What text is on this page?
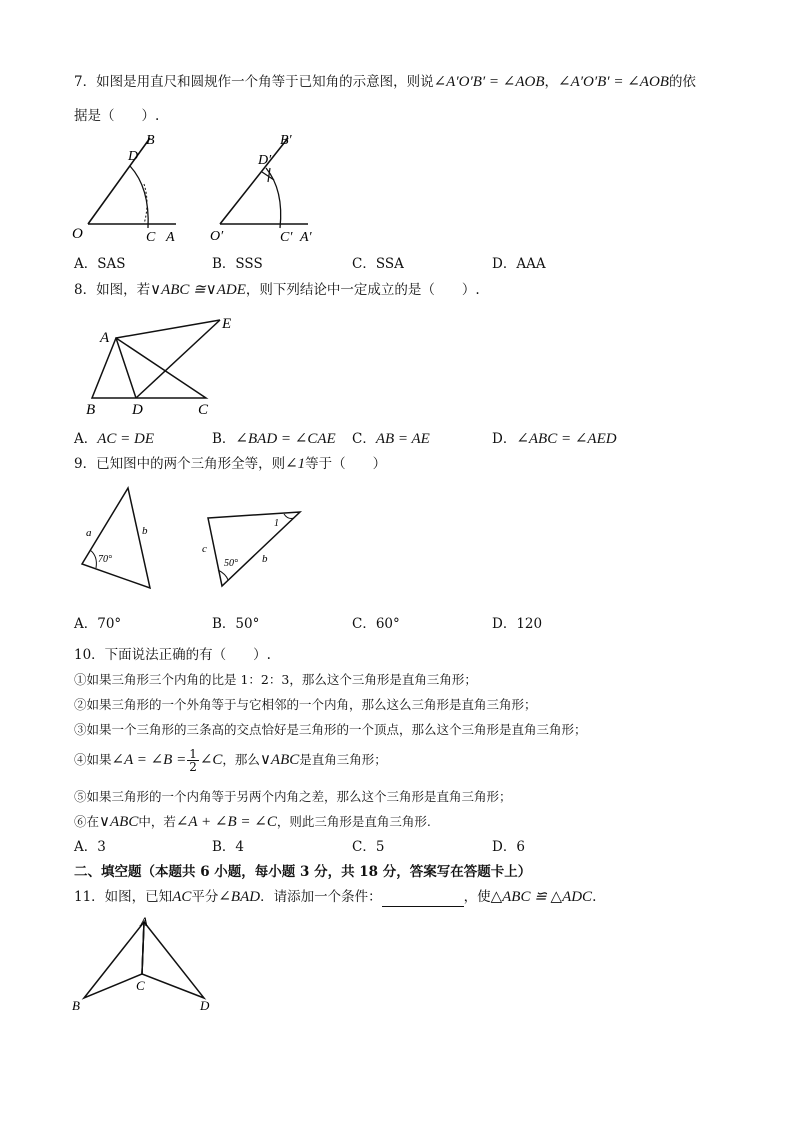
7．如图是用直尺和圆规作一个角等于已知角的示意图，则说∠A′O′B′ = ∠AOB，∠A′O′B′ = ∠AOB的依
据是（　　）.
O	C A
D
B
O′	C′ A′
D′
B′
A．SAS	B．SSS	C．SSA	D．AAA
8．如图，若∨ABC ≅∨ADE，则下列结论中一定成立的是（　　）.
A
B D	C
E
A．AC = DE	B．∠BAD = ∠CAE C．AB = AE	D．∠ABC = ∠AED
9．已知图中的两个三角形全等，则∠1等于（　　）
a	b
70°
c
b
50°
1
A．70°	B．50°	C．60°	D．120
10．下面说法正确的有（　　）.
①如果三角形三个内角的比是 1：2：3，那么这个三角形是直角三角形；
②如果三角形的一个外角等于与它相邻的一个内角，那么这么三角形是直角三角形；
③如果一个三角形的三条高的交点恰好是三角形的一个顶点，那么这个三角形是直角三角形；
④如果∠A = ∠B = $\frac{1}{2}$ ∠C，那么∨ABC是直角三角形；
⑤如果三角形的一个内角等于另两个内角之差，那么这个三角形是直角三角形；
⑥在∨ABC中，若∠A + ∠B = ∠C，则此三角形是直角三角形.
A．3	B．4	C．5	D．6
二、填空题（本题共 6 小题，每小题 3 分，共 18 分，答案写在答题卡上）
11．如图，已知AC平分∠BAD．请添加一个条件：	，使△ABC ≌ △ADC.
A
B
C
D
